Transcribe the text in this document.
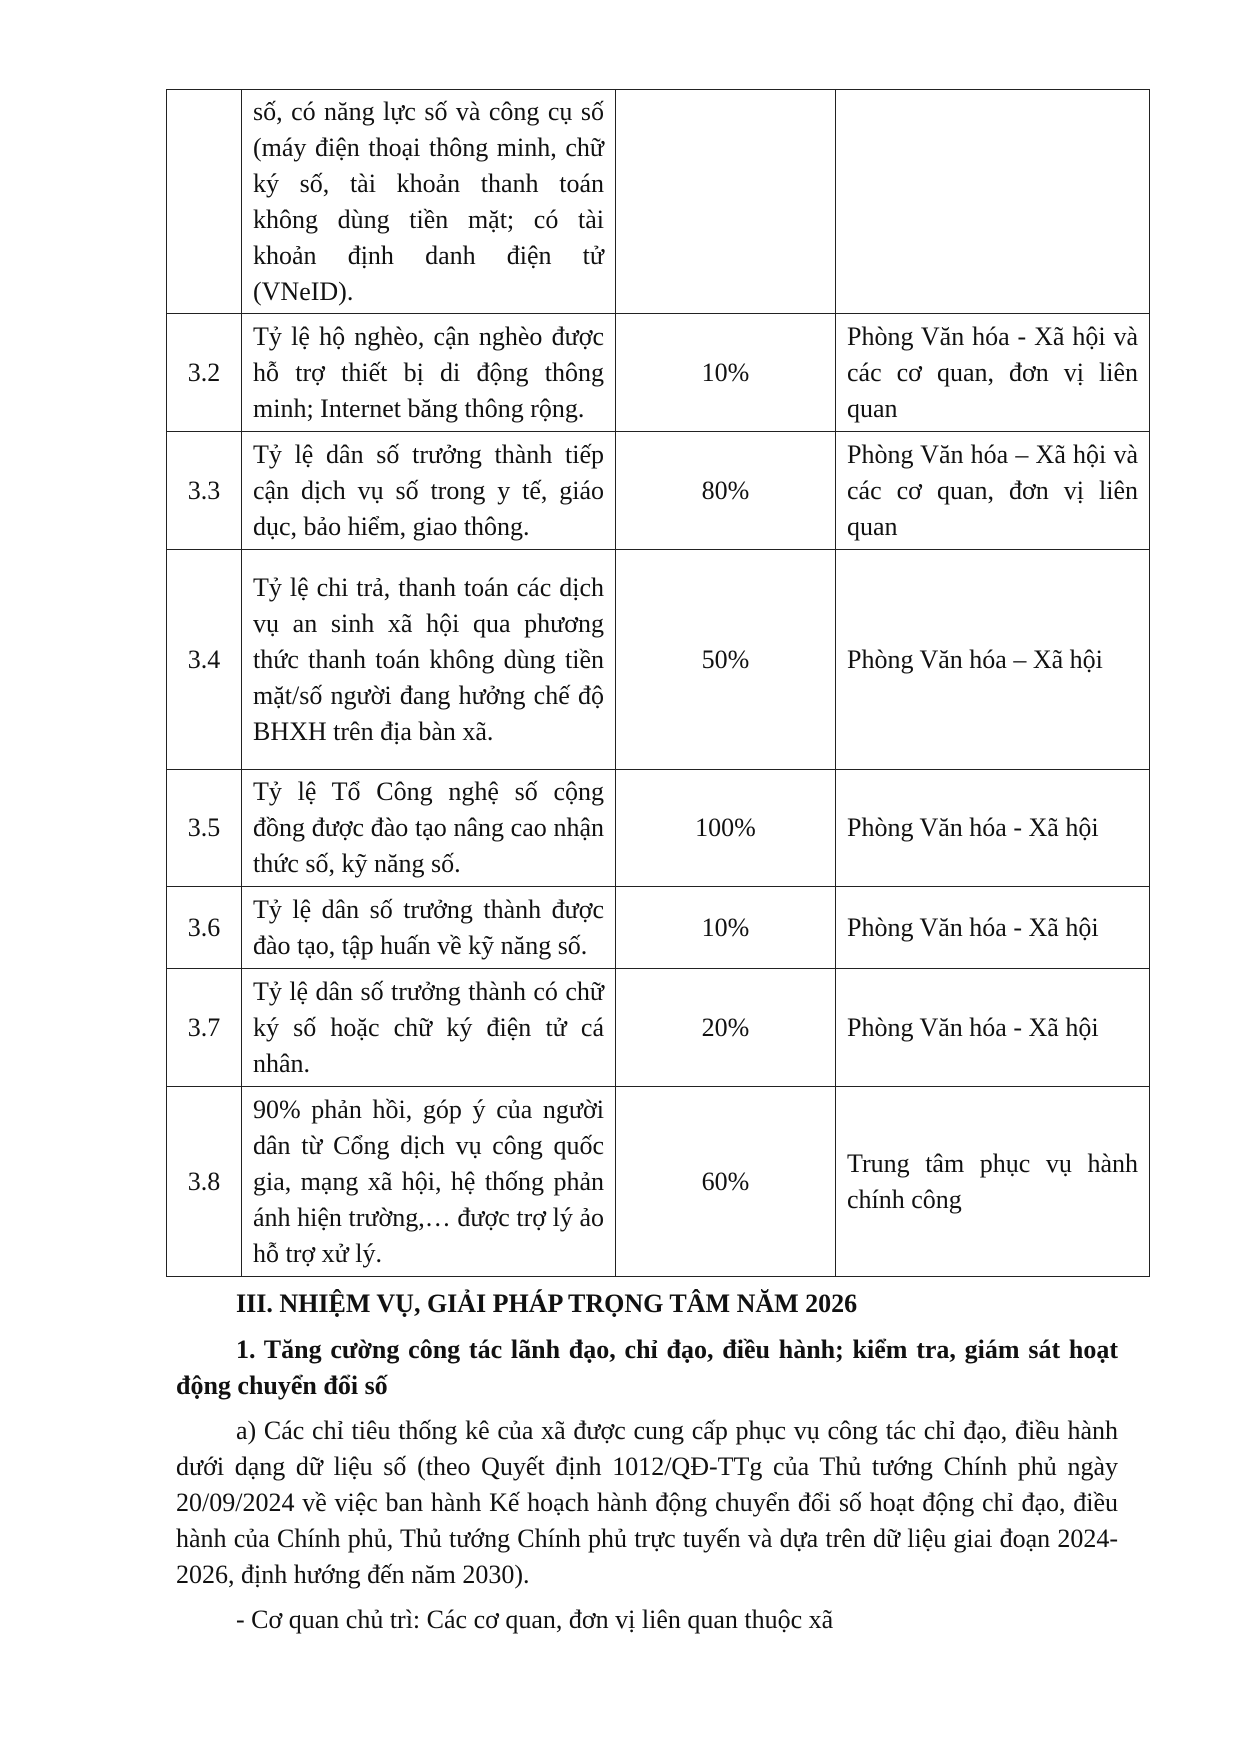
	số, có năng lực số và công cụ số (máy điện thoại thông minh, chữ ký số, tài khoản thanh toán không dùng tiền mặt; có tài khoản định danh điện tử (VNeID).		
3.2	Tỷ lệ hộ nghèo, cận nghèo được hỗ trợ thiết bị di động thông minh; Internet băng thông rộng.	10%	Phòng Văn hóa - Xã hội và các cơ quan, đơn vị liên quan
3.3	Tỷ lệ dân số trưởng thành tiếp cận dịch vụ số trong y tế, giáo dục, bảo hiểm, giao thông.	80%	Phòng Văn hóa – Xã hội và các cơ quan, đơn vị liên quan
3.4	Tỷ lệ chi trả, thanh toán các dịch vụ an sinh xã hội qua phương thức thanh toán không dùng tiền mặt/số người đang hưởng chế độ BHXH trên địa bàn xã.	50%	Phòng Văn hóa – Xã hội
3.5	Tỷ lệ Tổ Công nghệ số cộng đồng được đào tạo nâng cao nhận thức số, kỹ năng số.	100%	Phòng Văn hóa - Xã hội
3.6	Tỷ lệ dân số trưởng thành được đào tạo, tập huấn về kỹ năng số.	10%	Phòng Văn hóa - Xã hội
3.7	Tỷ lệ dân số trưởng thành có chữ ký số hoặc chữ ký điện tử cá nhân.	20%	Phòng Văn hóa - Xã hội
3.8	90% phản hồi, góp ý của người dân từ Cổng dịch vụ công quốc gia, mạng xã hội, hệ thống phản ánh hiện trường,… được trợ lý ảo hỗ trợ xử lý.	60%	Trung tâm phục vụ hành chính công
III. NHIỆM VỤ, GIẢI PHÁP TRỌNG TÂM NĂM 2026
1. Tăng cường công tác lãnh đạo, chỉ đạo, điều hành; kiểm tra, giám sát hoạt động chuyển đổi số
a) Các chỉ tiêu thống kê của xã được cung cấp phục vụ công tác chỉ đạo, điều hành dưới dạng dữ liệu số (theo Quyết định 1012/QĐ-TTg của Thủ tướng Chính phủ ngày 20/09/2024 về việc ban hành Kế hoạch hành động chuyển đổi số hoạt động chỉ đạo, điều hành của Chính phủ, Thủ tướng Chính phủ trực tuyến và dựa trên dữ liệu giai đoạn 2024-2026, định hướng đến năm 2030).
- Cơ quan chủ trì: Các cơ quan, đơn vị liên quan thuộc xã
